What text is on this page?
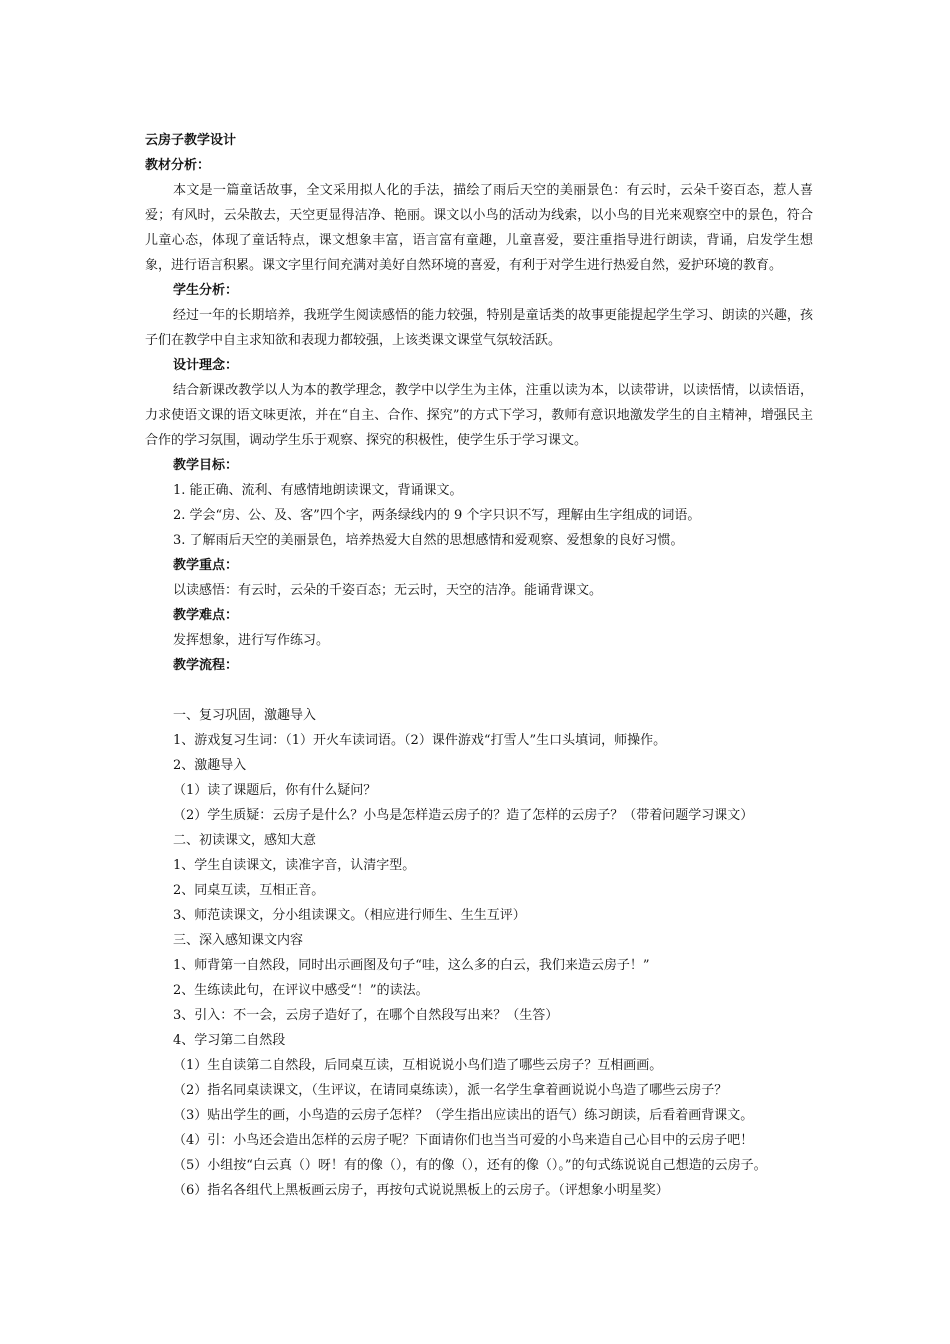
云房子教学设计
教材分析：
本文是一篇童话故事，全文采用拟人化的手法，描绘了雨后天空的美丽景色：有云时，云朵千姿百态，惹人喜爱；有风时，云朵散去，天空更显得洁净、艳丽。课文以小鸟的活动为线索，以小鸟的目光来观察空中的景色，符合儿童心态，体现了童话特点，课文想象丰富，语言富有童趣，儿童喜爱，要注重指导进行朗读，背诵，启发学生想象，进行语言积累。课文字里行间充满对美好自然环境的喜爱，有利于对学生进行热爱自然，爱护环境的教育。
学生分析：
经过一年的长期培养，我班学生阅读感悟的能力较强，特别是童话类的故事更能提起学生学习、朗读的兴趣，孩子们在教学中自主求知欲和表现力都较强，上该类课文课堂气氛较活跃。
设计理念：
结合新课改教学以人为本的教学理念，教学中以学生为主体，注重以读为本，以读带讲，以读悟情，以读悟语，力求使语文课的语文味更浓，并在“自主、合作、探究”的方式下学习，教师有意识地激发学生的自主精神，增强民主合作的学习氛围，调动学生乐于观察、探究的积极性，使学生乐于学习课文。
教学目标：
1. 能正确、流利、有感情地朗读课文，背诵课文。
2. 学会“房、公、及、客”四个字，两条绿线内的 9 个字只识不写，理解由生字组成的词语。
3. 了解雨后天空的美丽景色，培养热爱大自然的思想感情和爱观察、爱想象的良好习惯。
教学重点：
以读感悟：有云时，云朵的千姿百态；无云时，天空的洁净。能诵背课文。
教学难点：
发挥想象，进行写作练习。
教学流程：
一、复习巩固，激趣导入
1、游戏复习生词：（1）开火车读词语。（2）课件游戏“打雪人”生口头填词，师操作。
2、激趣导入
（1）读了课题后，你有什么疑问？
（2）学生质疑：云房子是什么？小鸟是怎样造云房子的？造了怎样的云房子？（带着问题学习课文）
二、初读课文，感知大意
1、学生自读课文，读准字音，认清字型。
2、同桌互读，互相正音。
3、师范读课文，分小组读课文。（相应进行师生、生生互评）
三、深入感知课文内容
1、师背第一自然段，同时出示画图及句子“哇，这么多的白云，我们来造云房子！”
2、生练读此句，在评议中感受“！”的读法。
3、引入：不一会，云房子造好了，在哪个自然段写出来？（生答）
4、学习第二自然段
（1）生自读第二自然段，后同桌互读，互相说说小鸟们造了哪些云房子？互相画画。
（2）指名同桌读课文，（生评议，在请同桌练读），派一名学生拿着画说说小鸟造了哪些云房子？
（3）贴出学生的画，小鸟造的云房子怎样？（学生指出应读出的语气）练习朗读，后看着画背课文。
（4）引：小鸟还会造出怎样的云房子呢？下面请你们也当当可爱的小鸟来造自己心目中的云房子吧！
（5）小组按“白云真（）呀！有的像（），有的像（），还有的像（）。”的句式练说说自己想造的云房子。
（6）指名各组代上黑板画云房子，再按句式说说黑板上的云房子。（评想象小明星奖）
